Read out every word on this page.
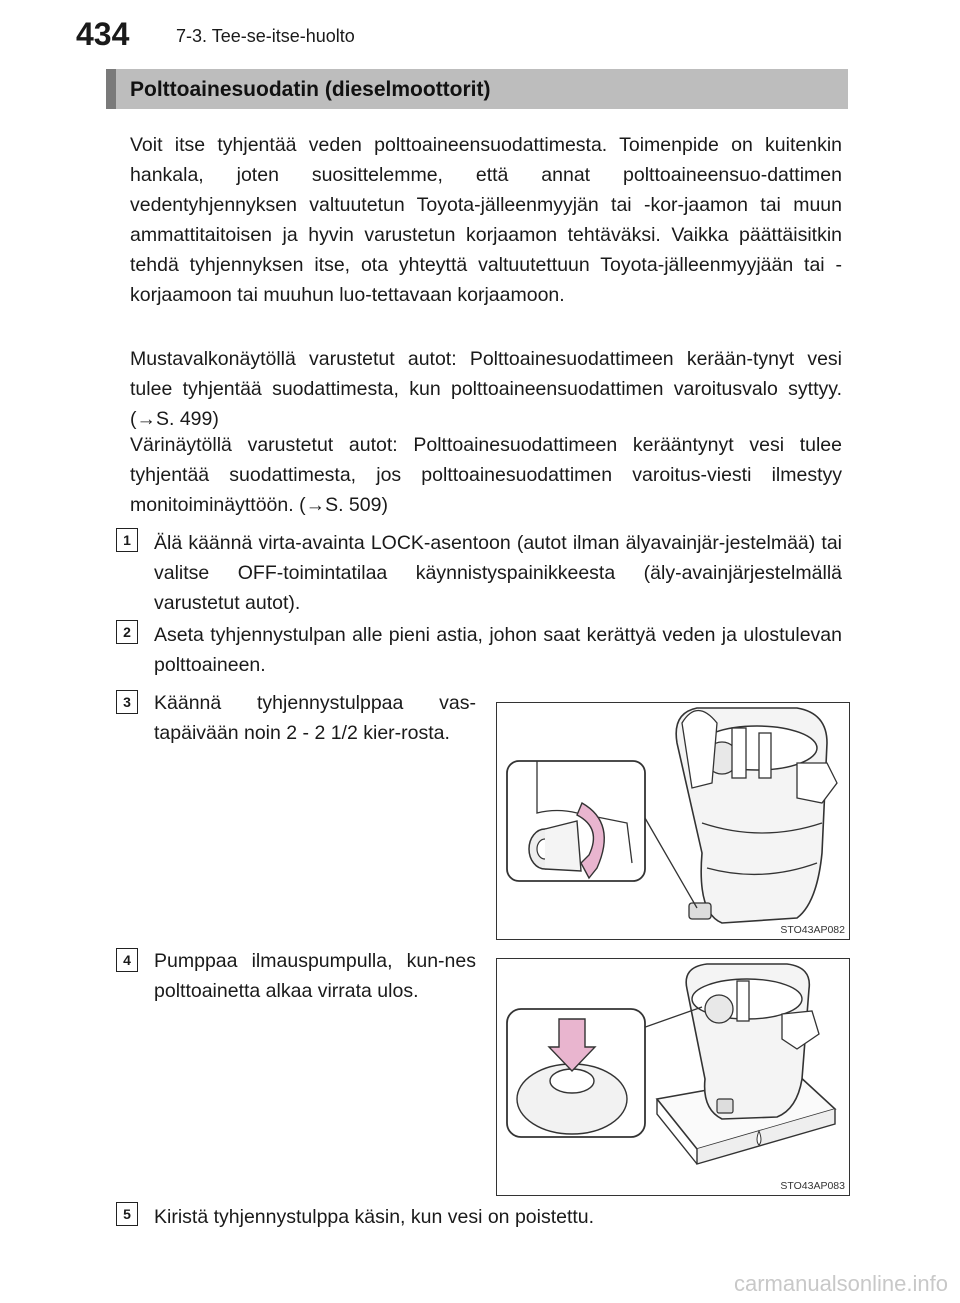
434	7-3. Tee-se-itse-huolto
Polttoainesuodatin (dieselmoottorit)
Voit itse tyhjentää veden polttoaineensuodattimesta. Toimenpide on kuitenkin hankala, joten suosittelemme, että annat polttoaineensuo-dattimen vedentyhjennyksen valtuutetun Toyota-jälleenmyyjän tai -kor-jaamon tai muun ammattitaitoisen ja hyvin varustetun korjaamon tehtäväksi. Vaikka päättäisitkin tehdä tyhjennyksen itse, ota yhteyttä valtuutettuun Toyota-jälleenmyyjään tai -korjaamoon tai muuhun luo-tettavaan korjaamoon.
Mustavalkonäytöllä varustetut autot: Polttoainesuodattimeen kerään-tynyt vesi tulee tyhjentää suodattimesta, kun polttoaineensuodattimen varoitusvalo syttyy. (→S. 499)
Värinäytöllä varustetut autot: Polttoainesuodattimeen kerääntynyt vesi tulee tyhjentää suodattimesta, jos polttoainesuodattimen varoitus-viesti ilmestyy monitoiminäyttöön. (→S. 509)
1	Älä käännä virta-avainta LOCK-asentoon (autot ilman älyavainjär-jestelmää) tai valitse OFF-toimintatilaa käynnistyspainikkeesta (äly-avainjärjestelmällä varustetut autot).
2	Aseta tyhjennystulpan alle pieni astia, johon saat kerättyä veden ja ulostulevan polttoaineen.
3	Käännä tyhjennystulppaa vas-tapäivään noin 2 - 2 1/2 kier-rosta.
STO43AP082
4	Pumppaa ilmauspumpulla, kun-nes polttoainetta alkaa virrata ulos.
STO43AP083
5	Kiristä tyhjennystulppa käsin, kun vesi on poistettu.
carmanualsonline.info
